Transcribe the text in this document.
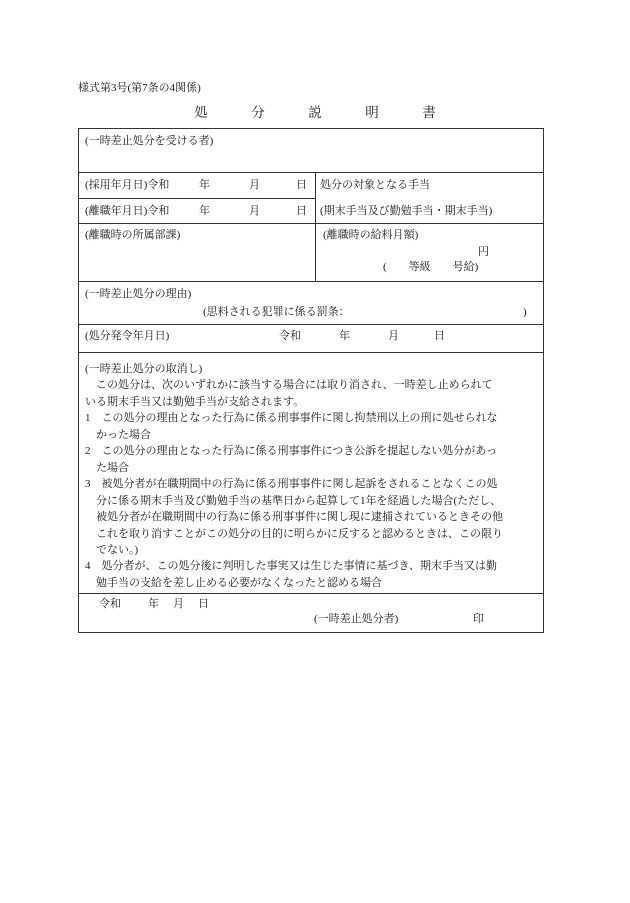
様式第3号(第7条の4関係)
処　分　説　明　書
(一時差止処分を受ける者)
(採用年月日)令和	年	月	日
(離職年月日)令和	年	月	日
処分の対象となる手当
(期末手当及び勤勉手当・期末手当)
(離職時の所属部課)	(離職時の給料月額)
円
(　　等級　　号給)
(一時差止処分の理由)
(思料される犯罪に係る罰条：	)
(処分発令年月日)	令和	年	月	日
(一時差止処分の取消し)
　この処分は、次のいずれかに該当する場合には取り消され、一時差し止められて
いる期末手当又は勤勉手当が支給されます。
1　この処分の理由となった行為に係る刑事事件に関し拘禁刑以上の刑に処せられな
　かった場合
2　この処分の理由となった行為に係る刑事事件につき公訴を提起しない処分があっ
　た場合
3　被処分者が在職期間中の行為に係る刑事事件に関し起訴をされることなくこの処
　分に係る期末手当及び勤勉手当の基準日から起算して1年を経過した場合(ただし、
　被処分者が在職期間中の行為に係る刑事事件に関し現に逮捕されているときその他
　これを取り消すことがこの処分の目的に明らかに反すると認めるときは、この限り
　でない。)
4　処分者が、この処分後に判明した事実又は生じた事情に基づき、期末手当又は勤
　勉手当の支給を差し止める必要がなくなったと認める場合
令和 年 月 日
(一時差止処分者)	印
